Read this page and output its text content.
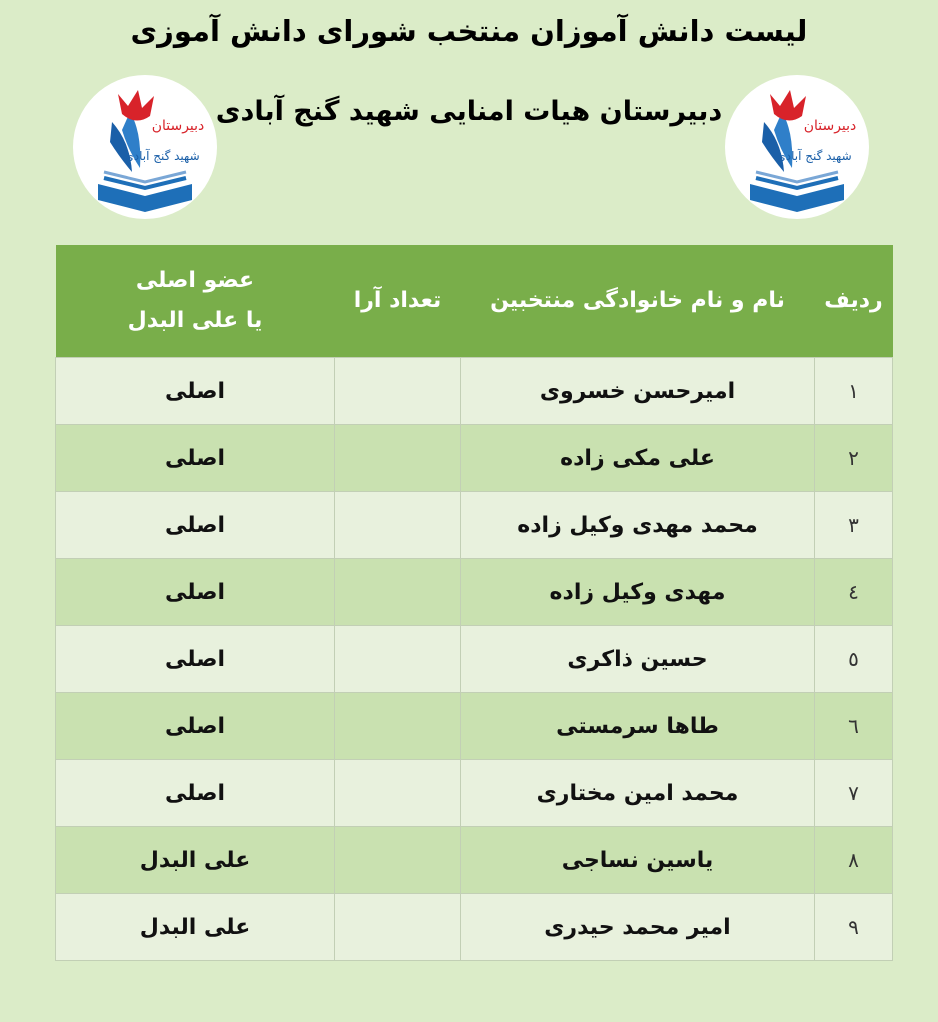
لیست دانش آموزان منتخب شورای دانش آموزی
دبیرستان هیات امنایی شهید گنج آبادی
دبیرستان
شهید گنج آبادی
دبیرستان
شهید گنج آبادی
ردیف	نام و نام خانوادگی منتخبین	تعداد آرا	عضو اصلی
یا علی البدل

۱	امیرحسن خسروی		اصلی
۲	علی مکی زاده		اصلی
۳	محمد مهدی وکیل زاده		اصلی
٤	مهدی وکیل زاده		اصلی
٥	حسین ذاکری		اصلی
٦	طاها سرمستی		اصلی
۷	محمد امین مختاری		اصلی
۸	یاسین نساجی		علی البدل
۹	امیر محمد حیدری		علی البدل
